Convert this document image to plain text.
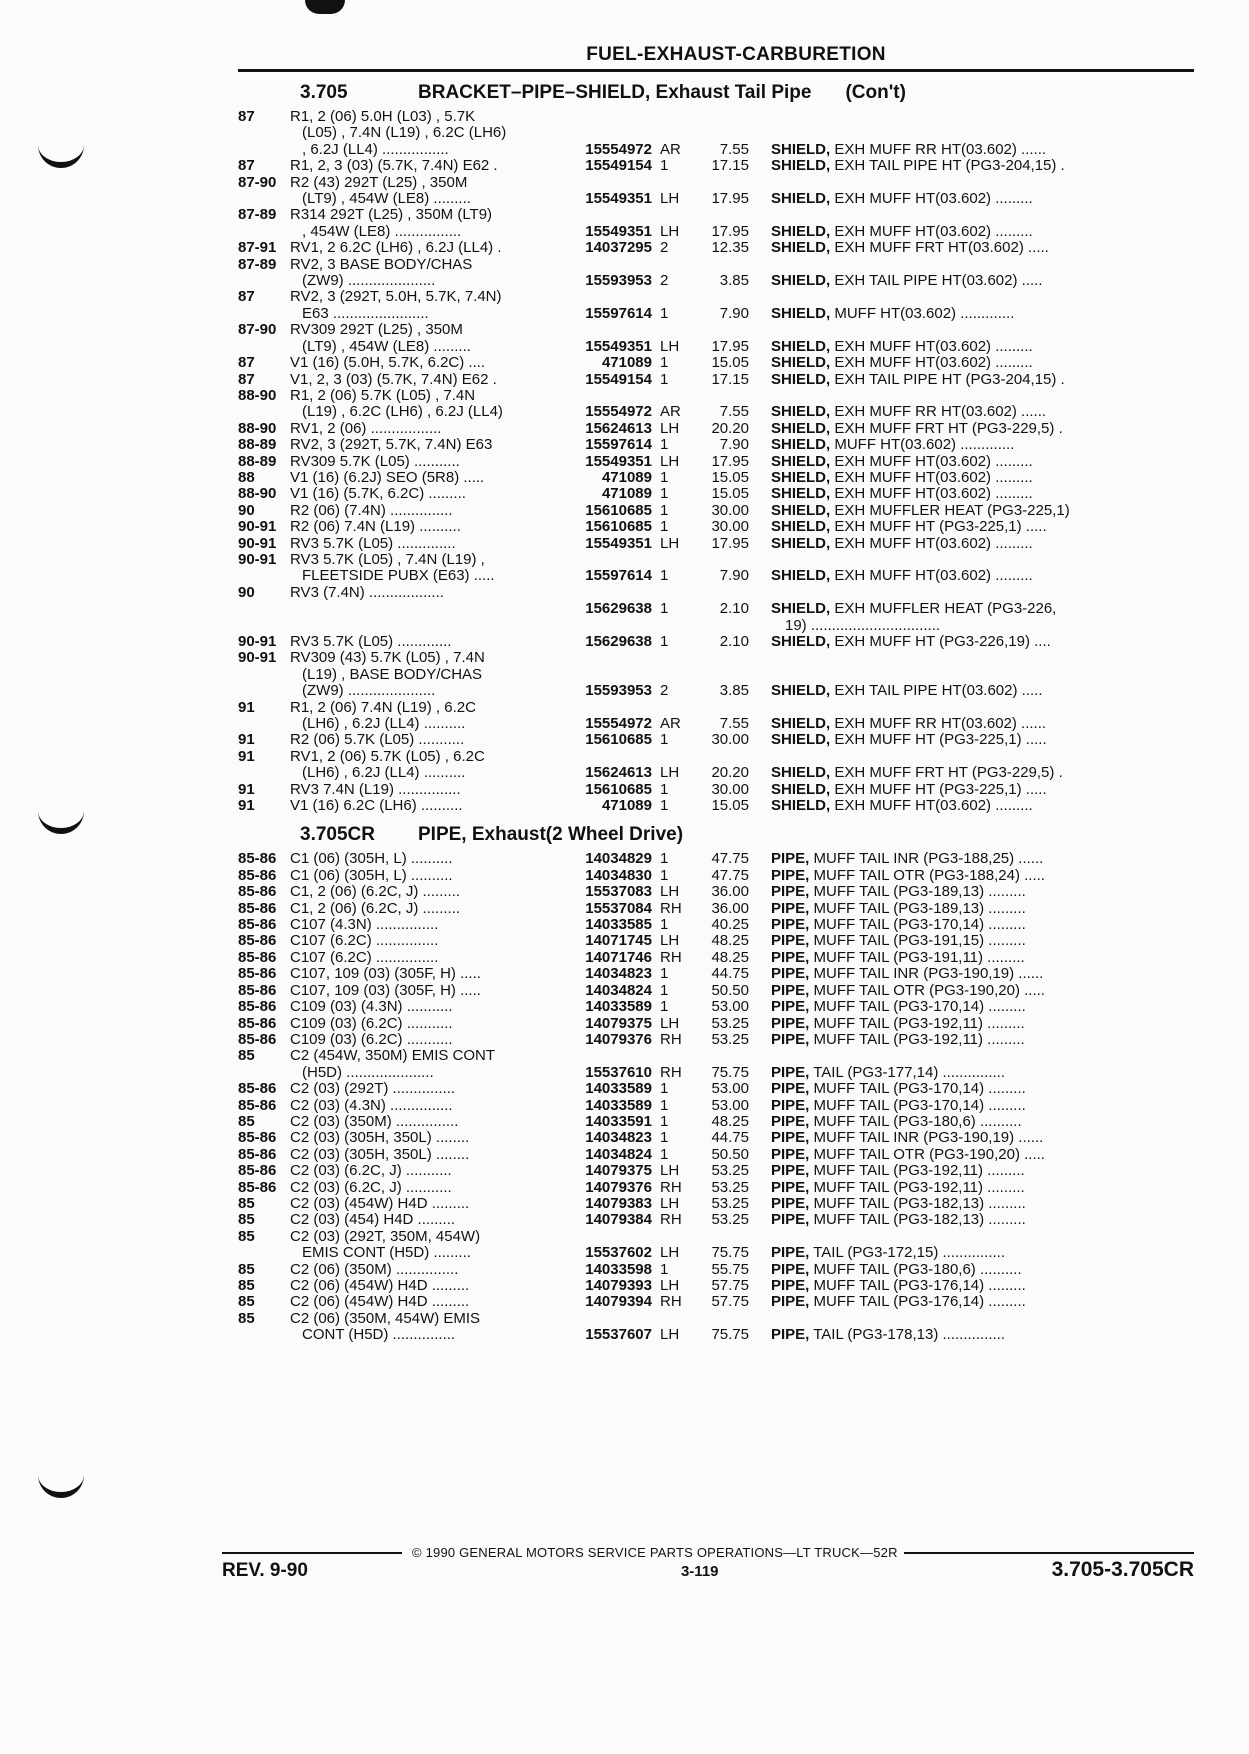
FUEL-EXHAUST-CARBURETION
3.705	BRACKET–PIPE–SHIELD, Exhaust Tail Pipe (Con't)
87	R1, 2 (06) 5.0H (L03) , 5.7K
(L05) , 7.4N (L19) , 6.2C (LH6)
, 6.2J (LL4) ................	15554972 AR	7.55	SHIELD, EXH MUFF RR HT(03.602) ......
87	R1, 2, 3 (03) (5.7K, 7.4N) E62 .	15549154 1	17.15	SHIELD, EXH TAIL PIPE HT (PG3-204,15) .
87-90 R2 (43) 292T (L25) , 350M
(LT9) , 454W (LE8) .........	15549351 LH	17.95	SHIELD, EXH MUFF HT(03.602) .........
87-89 R314 292T (L25) , 350M (LT9)
, 454W (LE8) ................	15549351 LH	17.95	SHIELD, EXH MUFF HT(03.602) .........
87-91 RV1, 2 6.2C (LH6) , 6.2J (LL4) .	14037295 2	12.35	SHIELD, EXH MUFF FRT HT(03.602) .....
87-89 RV2, 3 BASE BODY/CHAS
(ZW9) .....................	15593953 2	3.85	SHIELD, EXH TAIL PIPE HT(03.602) .....
87	RV2, 3 (292T, 5.0H, 5.7K, 7.4N)
E63 .......................	15597614 1	7.90	SHIELD, MUFF HT(03.602) .............
87-90 RV309 292T (L25) , 350M
(LT9) , 454W (LE8) .........	15549351 LH	17.95	SHIELD, EXH MUFF HT(03.602) .........
87	V1 (16) (5.0H, 5.7K, 6.2C) ....	471089 1	15.05	SHIELD, EXH MUFF HT(03.602) .........
87	V1, 2, 3 (03) (5.7K, 7.4N) E62 .	15549154 1	17.15	SHIELD, EXH TAIL PIPE HT (PG3-204,15) .
88-90 R1, 2 (06) 5.7K (L05) , 7.4N
(L19) , 6.2C (LH6) , 6.2J (LL4)	15554972 AR	7.55	SHIELD, EXH MUFF RR HT(03.602) ......
88-90 RV1, 2 (06) .................	15624613 LH	20.20	SHIELD, EXH MUFF FRT HT (PG3-229,5) .
88-89 RV2, 3 (292T, 5.7K, 7.4N) E63	15597614 1	7.90	SHIELD, MUFF HT(03.602) .............
88-89 RV309 5.7K (L05) ...........	15549351 LH	17.95	SHIELD, EXH MUFF HT(03.602) .........
88	V1 (16) (6.2J) SEO (5R8) .....	471089 1	15.05	SHIELD, EXH MUFF HT(03.602) .........
88-90 V1 (16) (5.7K, 6.2C) .........	471089 1	15.05	SHIELD, EXH MUFF HT(03.602) .........
90	R2 (06) (7.4N) ...............	15610685 1	30.00	SHIELD, EXH MUFFLER HEAT (PG3-225,1)
90-91 R2 (06) 7.4N (L19) ..........	15610685 1	30.00	SHIELD, EXH MUFF HT (PG3-225,1) .....
90-91 RV3 5.7K (L05) ..............	15549351 LH	17.95	SHIELD, EXH MUFF HT(03.602) .........
90-91 RV3 5.7K (L05) , 7.4N (L19) ,
FLEETSIDE PUBX (E63) .....	15597614 1	7.90	SHIELD, EXH MUFF HT(03.602) .........
90	RV3 (7.4N) ..................

15629638 1	2.10	SHIELD, EXH MUFFLER HEAT (PG3-226,
19) ...............................
90-91 RV3 5.7K (L05) .............	15629638 1	2.10	SHIELD, EXH MUFF HT (PG3-226,19) ....
90-91 RV309 (43) 5.7K (L05) , 7.4N
(L19) , BASE BODY/CHAS
(ZW9) .....................	15593953 2	3.85	SHIELD, EXH TAIL PIPE HT(03.602) .....
91	R1, 2 (06) 7.4N (L19) , 6.2C
(LH6) , 6.2J (LL4) ..........	15554972 AR	7.55	SHIELD, EXH MUFF RR HT(03.602) ......
91	R2 (06) 5.7K (L05) ...........	15610685 1	30.00	SHIELD, EXH MUFF HT (PG3-225,1) .....
91	RV1, 2 (06) 5.7K (L05) , 6.2C
(LH6) , 6.2J (LL4) ..........	15624613 LH	20.20	SHIELD, EXH MUFF FRT HT (PG3-229,5) .
91	RV3 7.4N (L19) ...............	15610685 1	30.00	SHIELD, EXH MUFF HT (PG3-225,1) .....
91	V1 (16) 6.2C (LH6) ..........	471089 1	15.05	SHIELD, EXH MUFF HT(03.602) .........
3.705CR PIPE, Exhaust(2 Wheel Drive)
85-86 C1 (06) (305H, L) ..........	14034829 1	47.75	PIPE, MUFF TAIL INR (PG3-188,25) ......
85-86 C1 (06) (305H, L) ..........	14034830 1	47.75	PIPE, MUFF TAIL OTR (PG3-188,24) .....
85-86 C1, 2 (06) (6.2C, J) .........	15537083 LH	36.00	PIPE, MUFF TAIL (PG3-189,13) .........
85-86 C1, 2 (06) (6.2C, J) .........	15537084 RH	36.00	PIPE, MUFF TAIL (PG3-189,13) .........
85-86 C107 (4.3N) ...............	14033585 1	40.25	PIPE, MUFF TAIL (PG3-170,14) .........
85-86 C107 (6.2C) ...............	14071745 LH	48.25	PIPE, MUFF TAIL (PG3-191,15) .........
85-86 C107 (6.2C) ...............	14071746 RH	48.25	PIPE, MUFF TAIL (PG3-191,11) .........
85-86 C107, 109 (03) (305F, H) .....	14034823 1	44.75	PIPE, MUFF TAIL INR (PG3-190,19) ......
85-86 C107, 109 (03) (305F, H) .....	14034824 1	50.50	PIPE, MUFF TAIL OTR (PG3-190,20) .....
85-86 C109 (03) (4.3N) ...........	14033589 1	53.00	PIPE, MUFF TAIL (PG3-170,14) .........
85-86 C109 (03) (6.2C) ...........	14079375 LH	53.25	PIPE, MUFF TAIL (PG3-192,11) .........
85-86 C109 (03) (6.2C) ...........	14079376 RH	53.25	PIPE, MUFF TAIL (PG3-192,11) .........
85	C2 (454W, 350M) EMIS CONT
(H5D) .....................	15537610 RH	75.75	PIPE, TAIL (PG3-177,14) ...............
85-86 C2 (03) (292T) ...............	14033589 1	53.00	PIPE, MUFF TAIL (PG3-170,14) .........
85-86 C2 (03) (4.3N) ...............	14033589 1	53.00	PIPE, MUFF TAIL (PG3-170,14) .........
85	C2 (03) (350M) ...............	14033591 1	48.25	PIPE, MUFF TAIL (PG3-180,6) ..........
85-86 C2 (03) (305H, 350L) ........	14034823 1	44.75	PIPE, MUFF TAIL INR (PG3-190,19) ......
85-86 C2 (03) (305H, 350L) ........	14034824 1	50.50	PIPE, MUFF TAIL OTR (PG3-190,20) .....
85-86 C2 (03) (6.2C, J) ...........	14079375 LH	53.25	PIPE, MUFF TAIL (PG3-192,11) .........
85-86 C2 (03) (6.2C, J) ...........	14079376 RH	53.25	PIPE, MUFF TAIL (PG3-192,11) .........
85	C2 (03) (454W) H4D .........	14079383 LH	53.25	PIPE, MUFF TAIL (PG3-182,13) .........
85	C2 (03) (454) H4D .........	14079384 RH	53.25	PIPE, MUFF TAIL (PG3-182,13) .........
85	C2 (03) (292T, 350M, 454W)
EMIS CONT (H5D) .........	15537602 LH	75.75	PIPE, TAIL (PG3-172,15) ...............
85	C2 (06) (350M) ...............	14033598 1	55.75	PIPE, MUFF TAIL (PG3-180,6) ..........
85	C2 (06) (454W) H4D .........	14079393 LH	57.75	PIPE, MUFF TAIL (PG3-176,14) .........
85	C2 (06) (454W) H4D .........	14079394 RH	57.75	PIPE, MUFF TAIL (PG3-176,14) .........
85	C2 (06) (350M, 454W) EMIS
CONT (H5D) ...............	15537607 LH	75.75	PIPE, TAIL (PG3-178,13) ...............
© 1990 GENERAL MOTORS SERVICE PARTS OPERATIONS—LT TRUCK—52R
REV. 9-90	3-119	3.705-3.705CR
